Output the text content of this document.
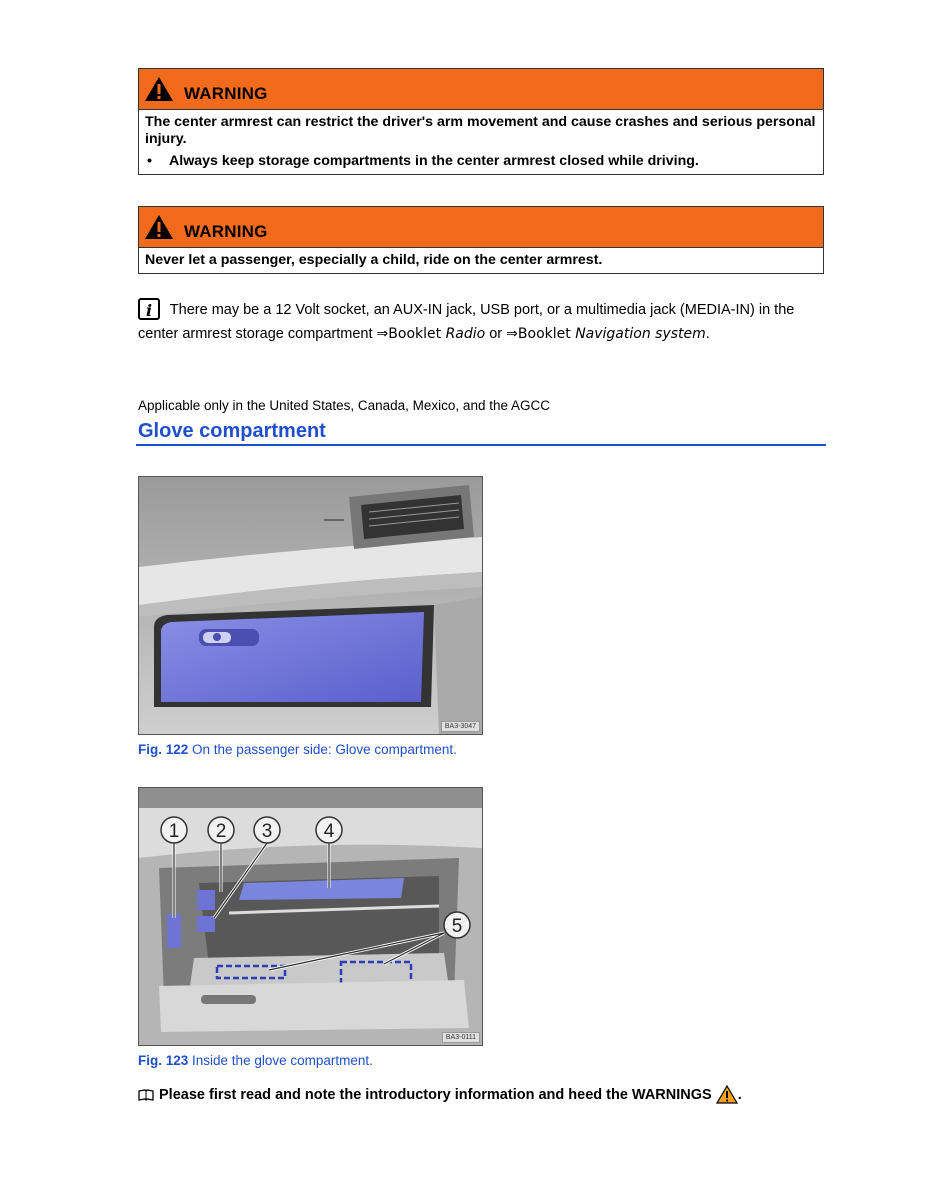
WARNING
The center armrest can restrict the driver's arm movement and cause crashes and serious personal injury.
•	Always keep storage compartments in the center armrest closed while driving.
WARNING
Never let a passenger, especially a child, ride on the center armrest.
i There may be a 12 Volt socket, an AUX-IN jack, USB port, or a multimedia jack (MEDIA-IN) in the center armrest storage compartment ⇒Booklet Radio or ⇒Booklet Navigation system.
Applicable only in the United States, Canada, Mexico, and the AGCC
Glove compartment
BA3-3047
Fig. 122 On the passenger side: Glove compartment.
1 2 3	4
5
BA3-0111
Fig. 123 Inside the glove compartment.
Please first read and note the introductory information and heed the WARNINGS .
